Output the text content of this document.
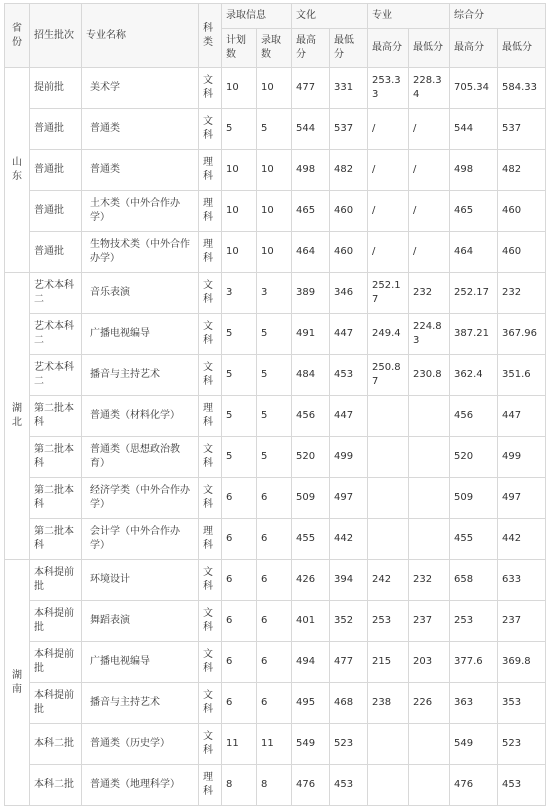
省份	招生批次	专业名称	科类	录取信息		文化		专业		综合分	
				计划数	录取数	最高分	最低分	最高分	最低分	最高分	最低分
山东	提前批	美术学	文科	10	10	477	331	253.33	228.34	705.34	584.33
	普通批	普通类	文科	5	5	544	537	/	/	544	537
	普通批	普通类	理科	10	10	498	482	/	/	498	482
	普通批	土木类（中外合作办学）	理科	10	10	465	460	/	/	465	460
	普通批	生物技术类（中外合作办学）	理科	10	10	464	460	/	/	464	460
湖北	艺术本科二	音乐表演	文科	3	3	389	346	252.17	232	252.17	232
	艺术本科二	广播电视编导	文科	5	5	491	447	249.4	224.83	387.21	367.96
	艺术本科二	播音与主持艺术	文科	5	5	484	453	250.87	230.8	362.4	351.6
	第二批本科	普通类（材料化学）	理科	5	5	456	447			456	447
	第二批本科	普通类（思想政治教育）	文科	5	5	520	499			520	499
	第二批本科	经济学类（中外合作办学）	文科	6	6	509	497			509	497
	第二批本科	会计学（中外合作办学）	理科	6	6	455	442			455	442
湖南	本科提前批	环境设计	文科	6	6	426	394	242	232	658	633
	本科提前批	舞蹈表演	文科	6	6	401	352	253	237	253	237
	本科提前批	广播电视编导	文科	6	6	494	477	215	203	377.6	369.8
	本科提前批	播音与主持艺术	文科	6	6	495	468	238	226	363	353
	本科二批	普通类（历史学）	文科	11	11	549	523			549	523
	本科二批	普通类（地理科学）	理科	8	8	476	453			476	453
